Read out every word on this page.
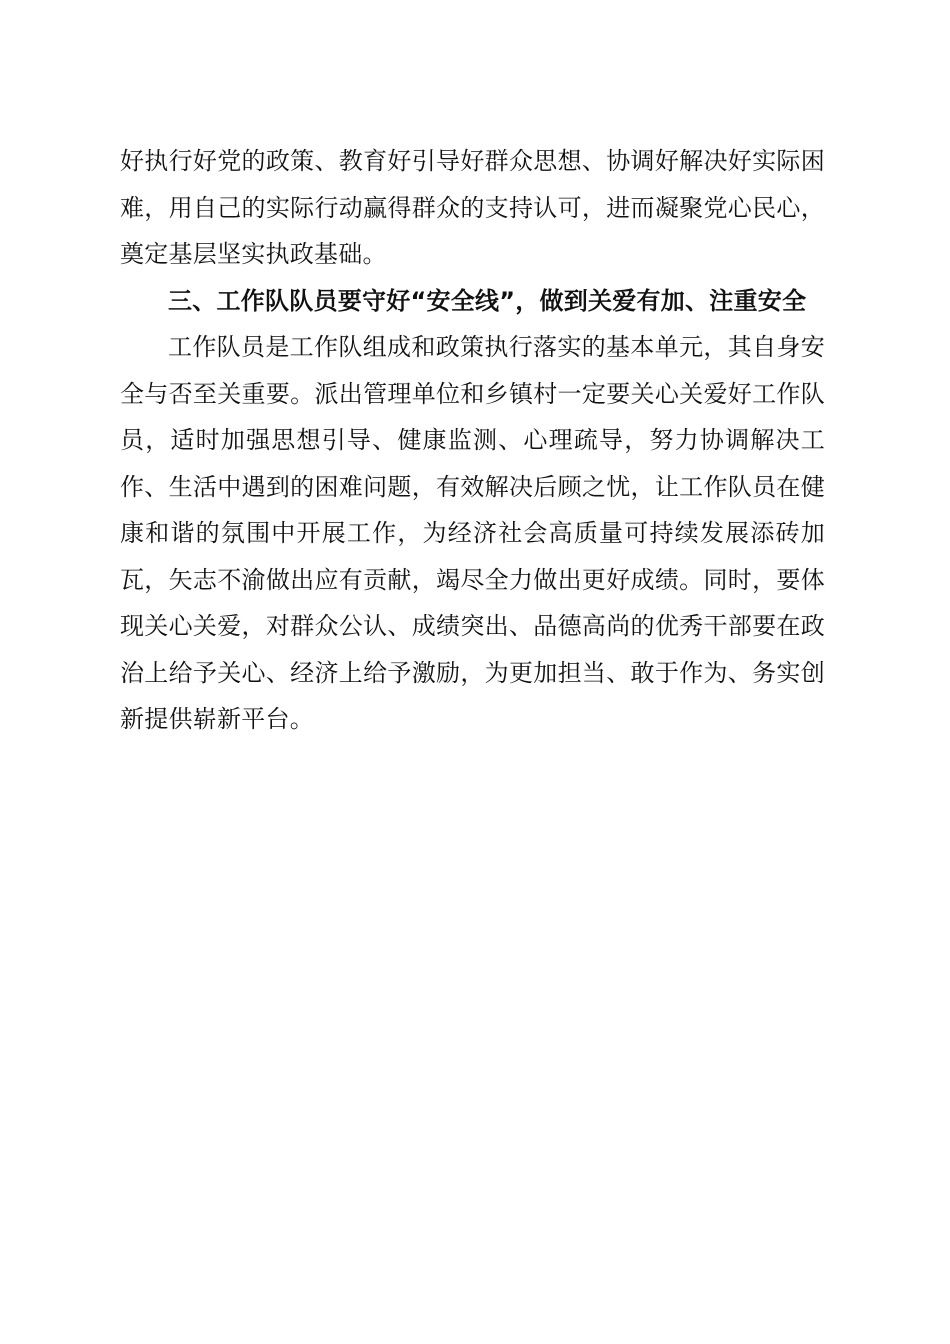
好执行好党的政策、教育好引导好群众思想、协调好解决好实际困难，用自己的实际行动赢得群众的支持认可，进而凝聚党心民心，奠定基层坚实执政基础。

三、工作队队员要守好“安全线”，做到关爱有加、注重安全

工作队员是工作队组成和政策执行落实的基本单元，其自身安全与否至关重要。派出管理单位和乡镇村一定要关心关爱好工作队员，适时加强思想引导、健康监测、心理疏导，努力协调解决工作、生活中遇到的困难问题，有效解决后顾之忧，让工作队员在健康和谐的氛围中开展工作，为经济社会高质量可持续发展添砖加瓦，矢志不渝做出应有贡献，竭尽全力做出更好成绩。同时，要体现关心关爱，对群众公认、成绩突出、品德高尚的优秀干部要在政治上给予关心、经济上给予激励，为更加担当、敢于作为、务实创新提供崭新平台。
